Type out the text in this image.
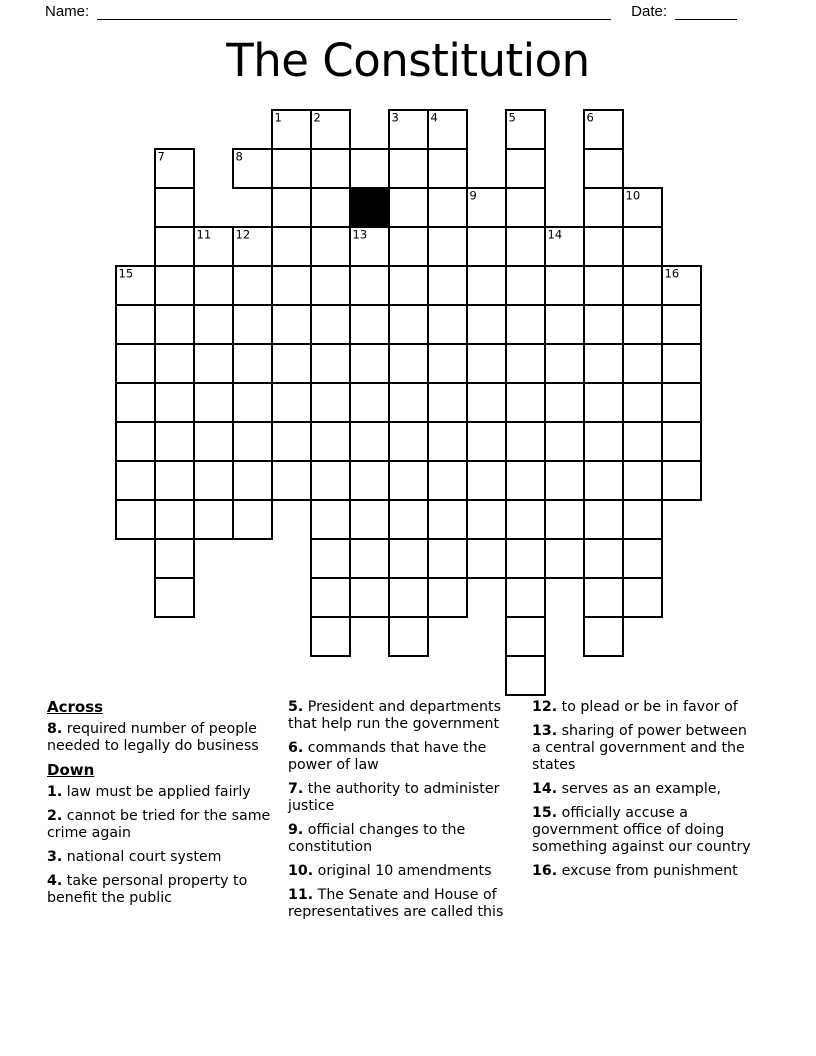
Name:	Date:
The Constitution
1	2	3	4	5	6
7	8
9	10
11 12	13	14
15	16
Across
8. required number of people needed to legally do business
Down
1. law must be applied fairly
2. cannot be tried for the same crime again
3. national court system
4. take personal property to benefit the public
5. President and departments that help run the government
6. commands that have the power of law
7. the authority to administer justice
9. official changes to the constitution
10. original 10 amendments
11. The Senate and House of representatives are called this
12. to plead or be in favor of
13. sharing of power between a central government and the states
14. serves as an example,
15. officially accuse a government office of doing something against our country
16. excuse from punishment
